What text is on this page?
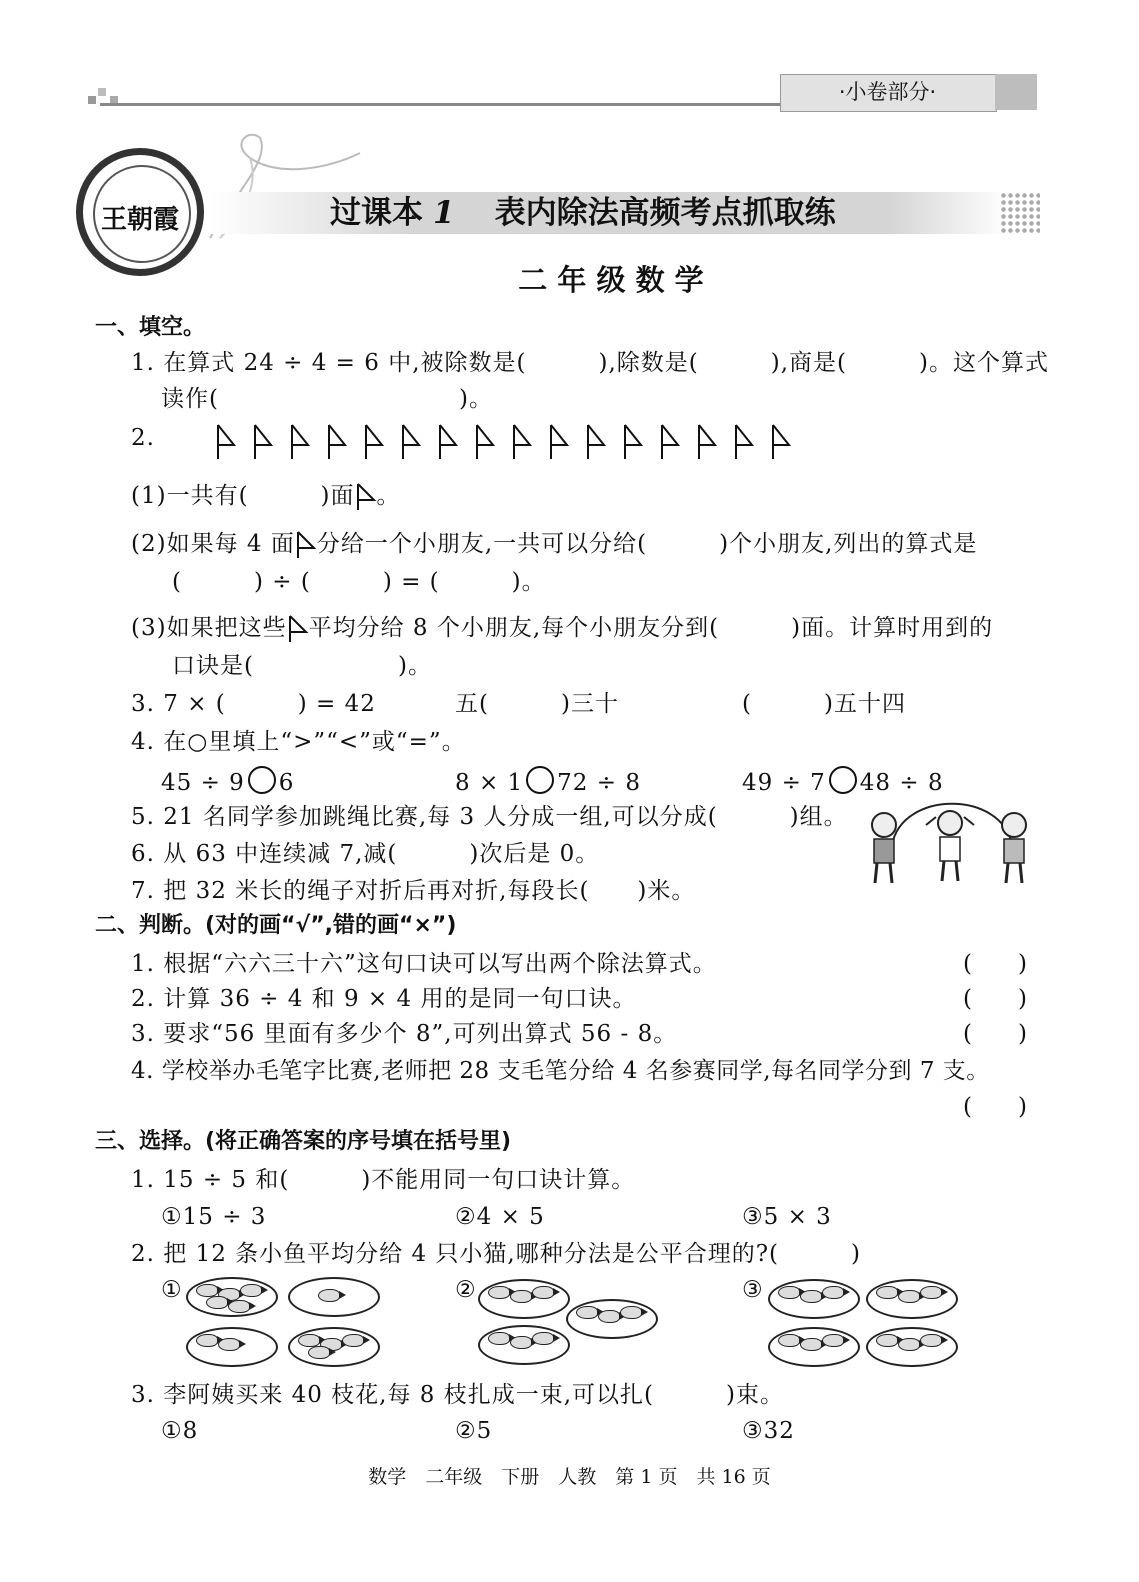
·小卷部分·
王朝霞	过课本 1 表内除法高频考点抓取练
二 年 级 数 学
一、填空。
1. 在算式 24 ÷ 4 = 6 中,被除数是(　　　),除数是(　　　),商是(　　　)。这个算式
读作(　　　　　　　　　　)。
2.
(1)一共有(　　　)面 。
(2)如果每 4 面 分给一个小朋友,一共可以分给(　　　)个小朋友,列出的算式是
(　　　) ÷ (　　　) = (　　　)。
(3)如果把这些 平均分给 8 个小朋友,每个小朋友分到(　　　)面。计算时用到的
口诀是(　　　　　　)。
3. 7 × (　　　) = 42	五(　　　)三十	(　　　)五十四
4. 在○里填上“>”“<”或“=”。
45 ÷ 9 6	8 × 1 72 ÷ 8	49 ÷ 7 48 ÷ 8
5. 21 名同学参加跳绳比赛,每 3 人分成一组,可以分成(　　　)组。
6. 从 63 中连续减 7,减(　　　)次后是 0。
7. 把 32 米长的绳子对折后再对折,每段长(　　)米。
二、判断。(对的画“√”,错的画“×”)
1. 根据“六六三十六”这句口诀可以写出两个除法算式。	(　　)
2. 计算 36 ÷ 4 和 9 × 4 用的是同一句口诀。	(　　)
3. 要求“56 里面有多少个 8”,可列出算式 56 - 8。	(　　)
4. 学校举办毛笔字比赛,老师把 28 支毛笔分给 4 名参赛同学,每名同学分到 7 支。
(　　)
三、选择。(将正确答案的序号填在括号里)
1. 15 ÷ 5 和(　　　)不能用同一句口诀计算。
①15 ÷ 3	②4 × 5	③5 × 3
2. 把 12 条小鱼平均分给 4 只小猫,哪种分法是公平合理的?(　　　)
①	②	③
3. 李阿姨买来 40 枝花,每 8 枝扎成一束,可以扎(　　　)束。
①8	②5	③32
数学　二年级　下册　人教　第 1 页　共 16 页
